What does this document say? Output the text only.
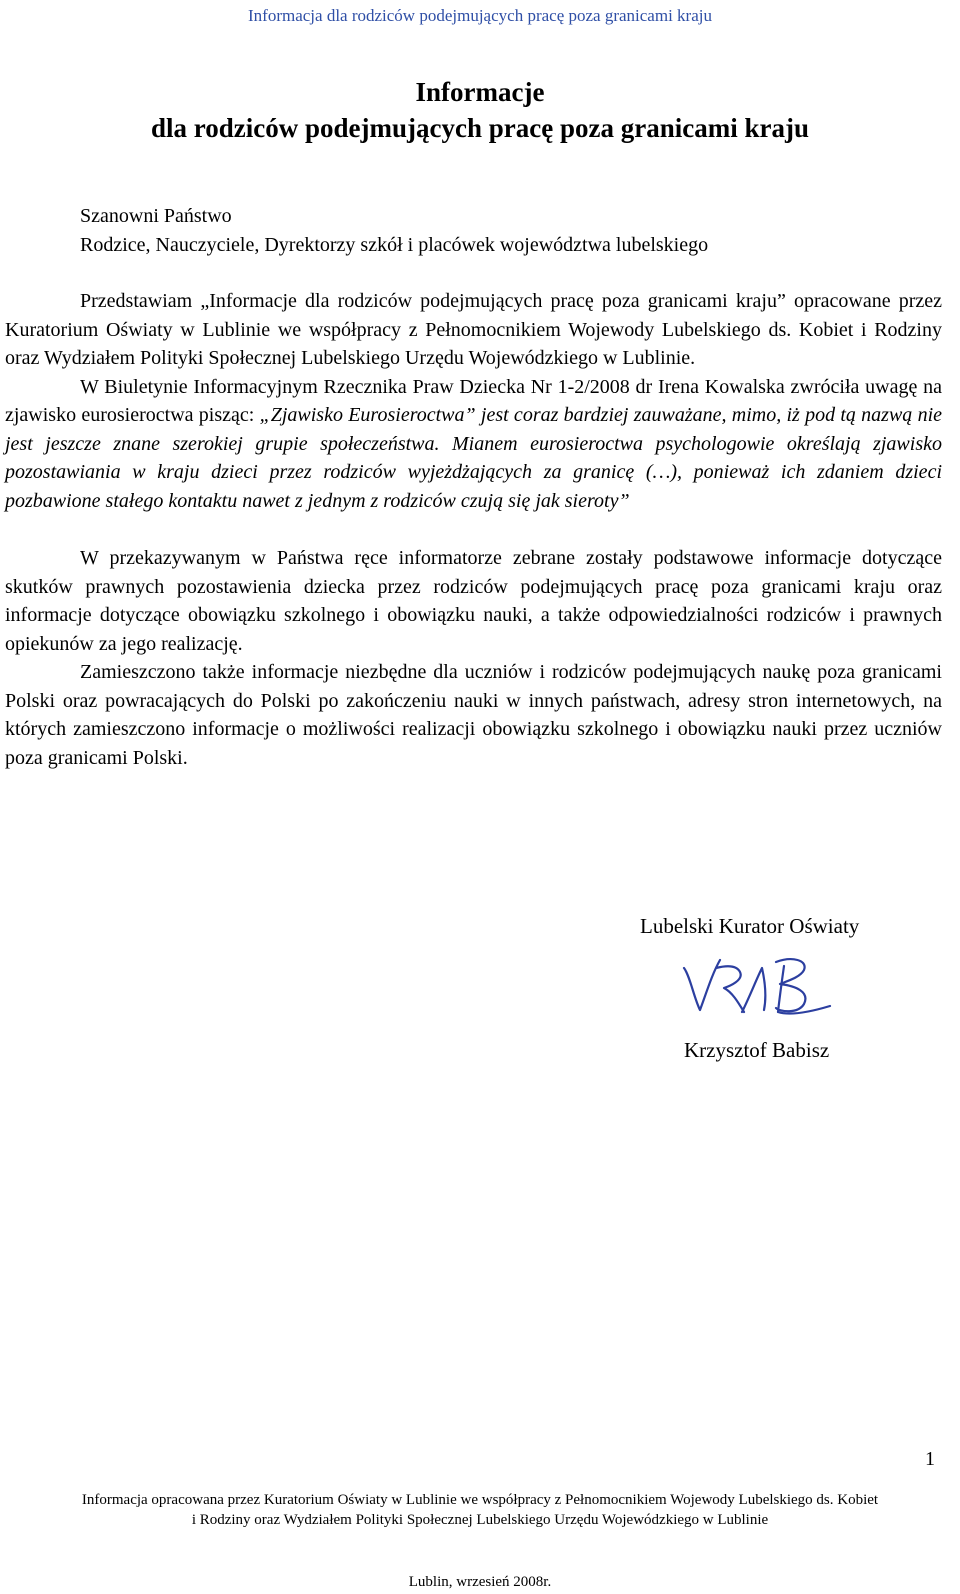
Informacja dla rodziców podejmujących pracę poza granicami kraju
Informacje
dla rodziców podejmujących pracę poza granicami kraju
Szanowni Państwo
Rodzice, Nauczyciele, Dyrektorzy szkół i placówek województwa lubelskiego

Przedstawiam „Informacje dla rodziców podejmujących pracę poza granicami kraju” opracowane przez Kuratorium Oświaty w Lublinie we współpracy z Pełnomocnikiem Wojewody Lubelskiego ds. Kobiet i Rodziny oraz Wydziałem Polityki Społecznej Lubelskiego Urzędu Wojewódzkiego w Lublinie.

W Biuletynie Informacyjnym Rzecznika Praw Dziecka Nr 1-2/2008 dr Irena Kowalska zwróciła uwagę na zjawisko eurosieroctwa pisząc: „Zjawisko Eurosieroctwa” jest coraz bardziej zauważane, mimo, iż pod tą nazwą nie jest jeszcze znane szerokiej grupie społeczeństwa. Mianem eurosieroctwa psychologowie określają zjawisko pozostawiania w kraju dzieci przez rodziców wyjeżdżających za granicę (…), ponieważ ich zdaniem dzieci pozbawione stałego kontaktu nawet z jednym z rodziców czują się jak sieroty”

W przekazywanym w Państwa ręce informatorze zebrane zostały podstawowe informacje dotyczące skutków prawnych pozostawienia dziecka przez rodziców podejmujących pracę poza granicami kraju oraz informacje dotyczące obowiązku szkolnego i obowiązku nauki, a także odpowiedzialności rodziców i prawnych opiekunów za jego realizację.

Zamieszczono także informacje niezbędne dla uczniów i rodziców podejmujących naukę poza granicami Polski oraz powracających do Polski po zakończeniu nauki w innych państwach, adresy stron internetowych, na których zamieszczono informacje o możliwości realizacji obowiązku szkolnego i obowiązku nauki przez uczniów poza granicami Polski.

Lubelski Kurator Oświaty
Krzysztof Babisz
1
Informacja opracowana przez Kuratorium Oświaty w Lublinie we współpracy z Pełnomocnikiem Wojewody Lubelskiego ds. Kobiet
i Rodziny oraz Wydziałem Polityki Społecznej Lubelskiego Urzędu Wojewódzkiego w Lublinie
Lublin, wrzesień 2008r.
